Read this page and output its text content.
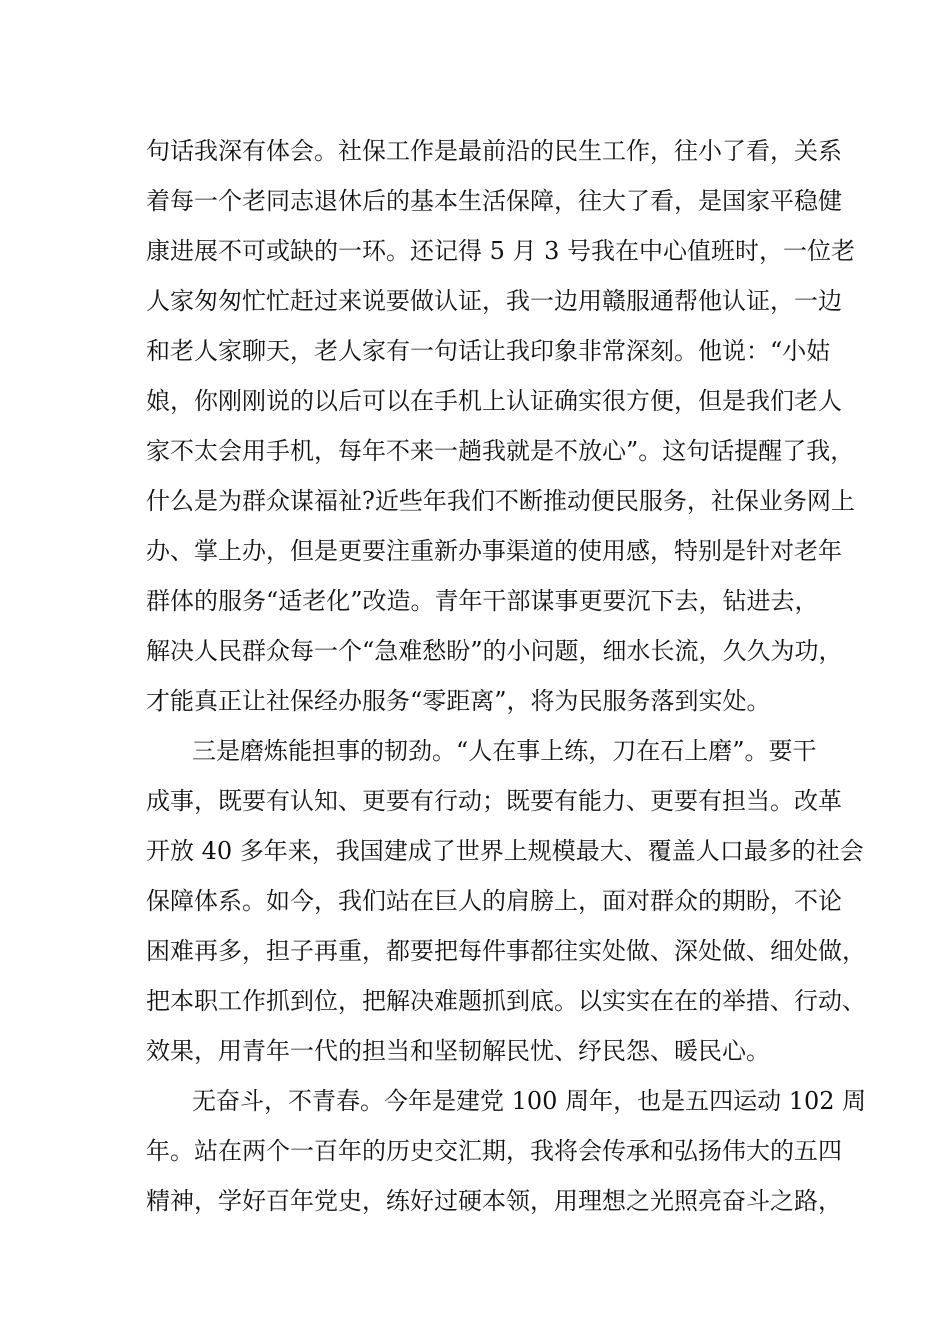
句话我深有体会。社保工作是最前沿的民生工作，往小了看，关系
着每一个老同志退休后的基本生活保障，往大了看，是国家平稳健
康进展不可或缺的一环。还记得 5 月 3 号我在中心值班时，一位老
人家匆匆忙忙赶过来说要做认证，我一边用赣服通帮他认证，一边
和老人家聊天，老人家有一句话让我印象非常深刻。他说：“小姑
娘，你刚刚说的以后可以在手机上认证确实很方便，但是我们老人
家不太会用手机，每年不来一趟我就是不放心”。这句话提醒了我，
什么是为群众谋福祉?近些年我们不断推动便民服务，社保业务网上
办、掌上办，但是更要注重新办事渠道的使用感，特别是针对老年
群体的服务“适老化”改造。青年干部谋事更要沉下去，钻进去，
解决人民群众每一个“急难愁盼”的小问题，细水长流，久久为功，
才能真正让社保经办服务“零距离”，将为民服务落到实处。
三是磨炼能担事的韧劲。“人在事上练，刀在石上磨”。要干
成事，既要有认知、更要有行动；既要有能力、更要有担当。改革
开放 40 多年来，我国建成了世界上规模最大、覆盖人口最多的社会
保障体系。如今，我们站在巨人的肩膀上，面对群众的期盼，不论
困难再多，担子再重，都要把每件事都往实处做、深处做、细处做，
把本职工作抓到位，把解决难题抓到底。以实实在在的举措、行动、
效果，用青年一代的担当和坚韧解民忧、纾民怨、暖民心。
无奋斗，不青春。今年是建党 100 周年，也是五四运动 102 周
年。站在两个一百年的历史交汇期，我将会传承和弘扬伟大的五四
精神，学好百年党史，练好过硬本领，用理想之光照亮奋斗之路，
